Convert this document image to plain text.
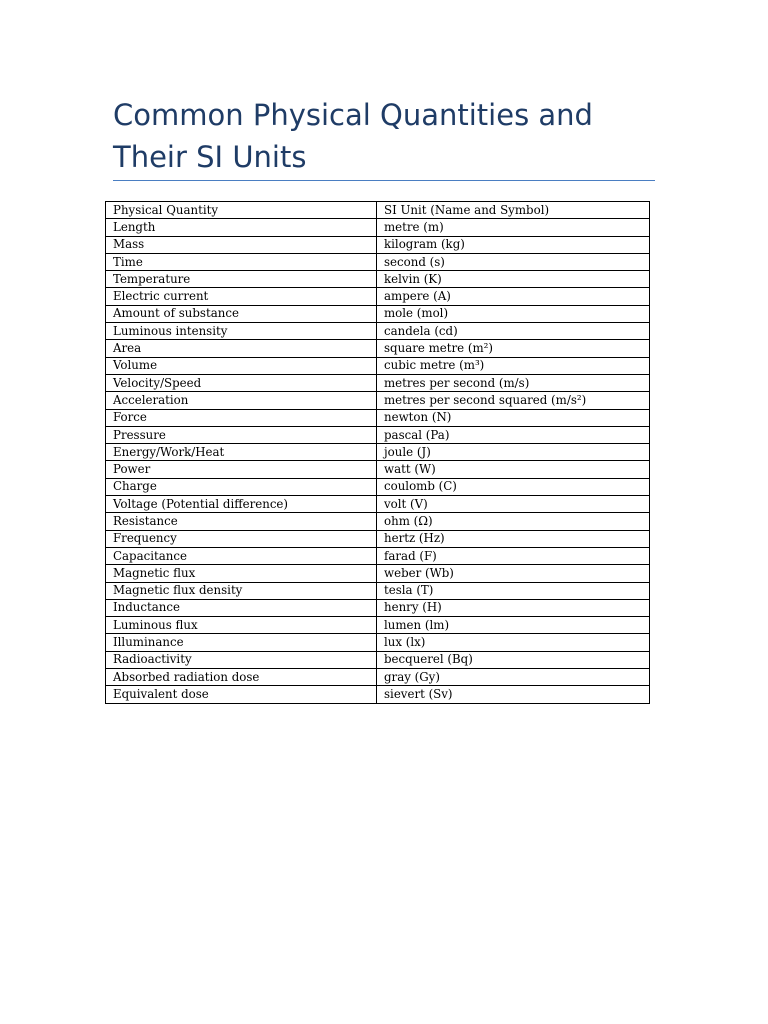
Common Physical Quantities and Their SI Units
Physical Quantity	SI Unit (Name and Symbol)
Length	metre (m)
Mass	kilogram (kg)
Time	second (s)
Temperature	kelvin (K)
Electric current	ampere (A)
Amount of substance	mole (mol)
Luminous intensity	candela (cd)
Area	square metre (m²)
Volume	cubic metre (m³)
Velocity/Speed	metres per second (m/s)
Acceleration	metres per second squared (m/s²)
Force	newton (N)
Pressure	pascal (Pa)
Energy/Work/Heat	joule (J)
Power	watt (W)
Charge	coulomb (C)
Voltage (Potential difference)	volt (V)
Resistance	ohm (Ω)
Frequency	hertz (Hz)
Capacitance	farad (F)
Magnetic flux	weber (Wb)
Magnetic flux density	tesla (T)
Inductance	henry (H)
Luminous flux	lumen (lm)
Illuminance	lux (lx)
Radioactivity	becquerel (Bq)
Absorbed radiation dose	gray (Gy)
Equivalent dose	sievert (Sv)
